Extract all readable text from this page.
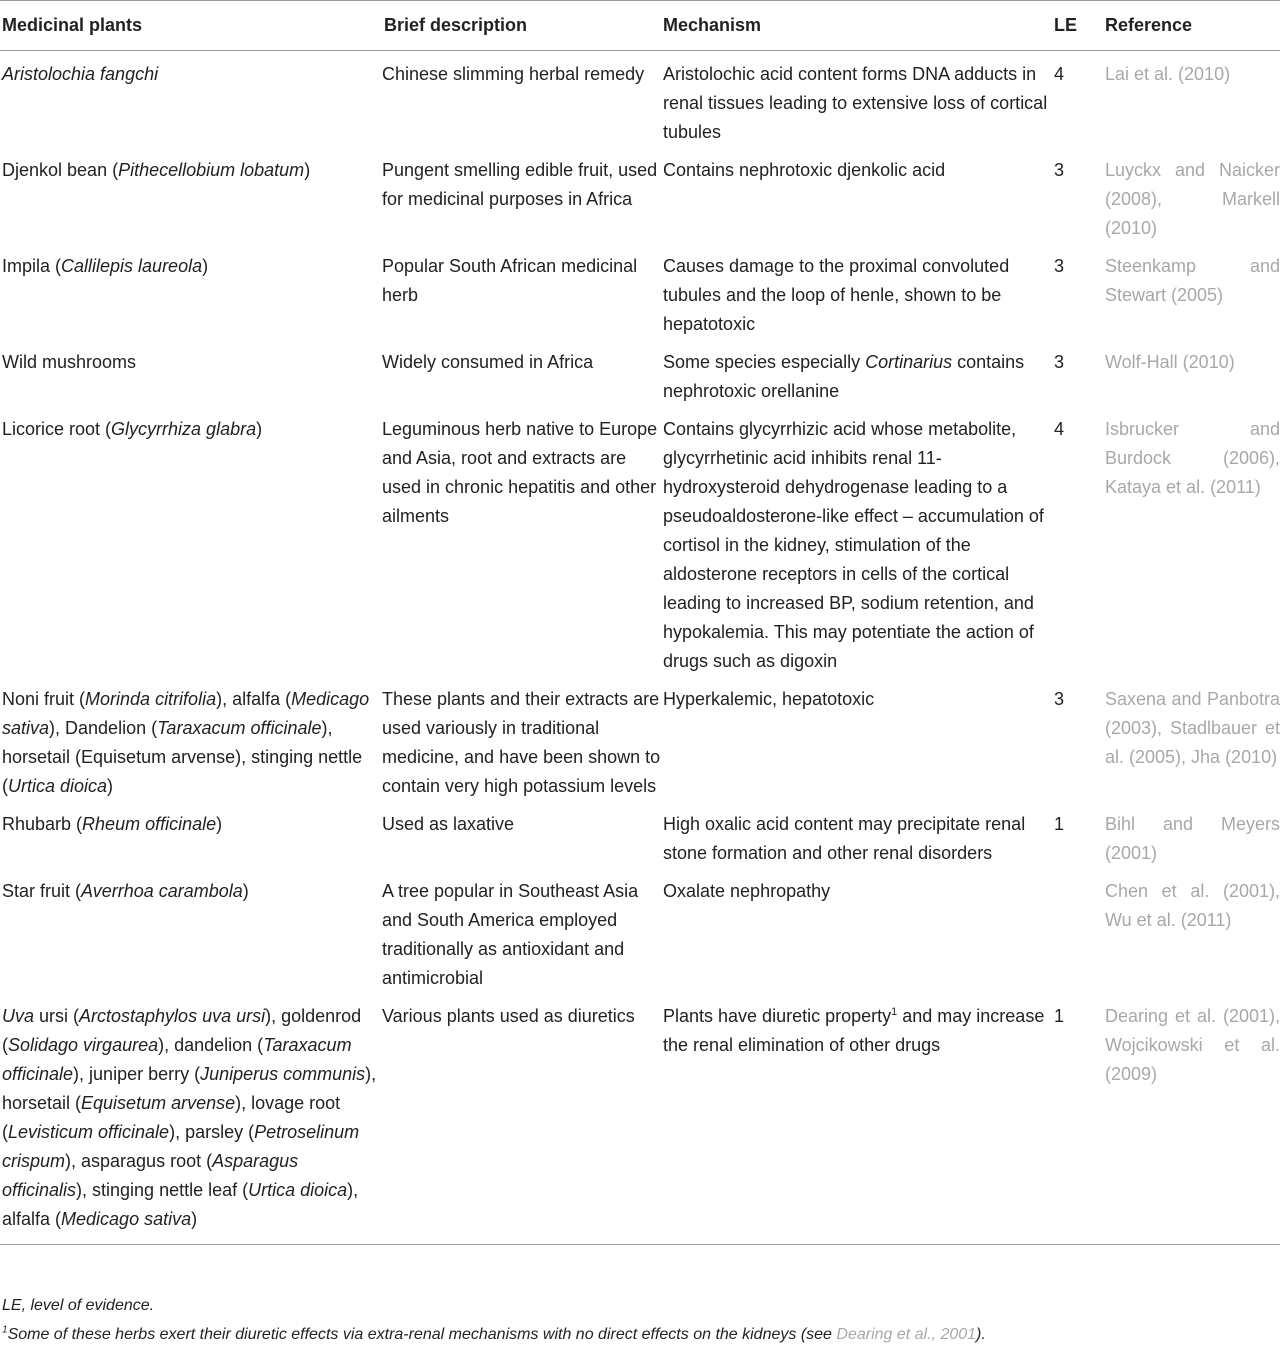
Medicinal plants	Brief description	Mechanism	LE	Reference
Aristolochia fangchi	Chinese slimming herbal remedy	Aristolochic acid content forms DNA adducts in renal tissues leading to extensive loss of cortical tubules	4	Lai et al. (2010)
Djenkol bean (Pithecellobium lobatum)	Pungent smelling edible fruit, used for medicinal purposes in Africa	Contains nephrotoxic djenkolic acid	3	Luyckx and Naicker (2008), Markell (2010)
Impila (Callilepis laureola)	Popular South African medicinal herb	Causes damage to the proximal convoluted tubules and the loop of henle, shown to be hepatotoxic	3	Steenkamp and Stewart (2005)
Wild mushrooms	Widely consumed in Africa	Some species especially Cortinarius contains nephrotoxic orellanine	3	Wolf-Hall (2010)
Licorice root (Glycyrrhiza glabra)	Leguminous herb native to Europe and Asia, root and extracts are used in chronic hepatitis and other ailments	Contains glycyrrhizic acid whose metabolite, glycyrrhetinic acid inhibits renal 11-hydroxysteroid dehydrogenase leading to a pseudoaldosterone-like effect – accumulation of cortisol in the kidney, stimulation of the aldosterone receptors in cells of the cortical leading to increased BP, sodium retention, and hypokalemia. This may potentiate the action of drugs such as digoxin	4	Isbrucker and Burdock (2006), Kataya et al. (2011)
Noni fruit (Morinda citrifolia), alfalfa (Medicago sativa), Dandelion (Taraxacum officinale), horsetail (Equisetum arvense), stinging nettle (Urtica dioica)	These plants and their extracts are used variously in traditional medicine, and have been shown to contain very high potassium levels	Hyperkalemic, hepatotoxic	3	Saxena and Panbotra (2003), Stadlbauer et al. (2005), Jha (2010)
Rhubarb (Rheum officinale)	Used as laxative	High oxalic acid content may precipitate renal stone formation and other renal disorders	1	Bihl and Meyers (2001)
Star fruit (Averrhoa carambola)	A tree popular in Southeast Asia and South America employed traditionally as antioxidant and antimicrobial	Oxalate nephropathy		Chen et al. (2001), Wu et al. (2011)
Uva ursi (Arctostaphylos uva ursi), goldenrod (Solidago virgaurea), dandelion (Taraxacum officinale), juniper berry (Juniperus communis), horsetail (Equisetum arvense), lovage root (Levisticum officinale), parsley (Petroselinum crispum), asparagus root (Asparagus officinalis), stinging nettle leaf (Urtica dioica), alfalfa (Medicago sativa)	Various plants used as diuretics	Plants have diuretic property$^1$ and may increase the renal elimination of other drugs	1	Dearing et al. (2001), Wojcikowski et al. (2009)
LE, level of evidence.
$^1$Some of these herbs exert their diuretic effects via extra-renal mechanisms with no direct effects on the kidneys (see Dearing et al., 2001).
